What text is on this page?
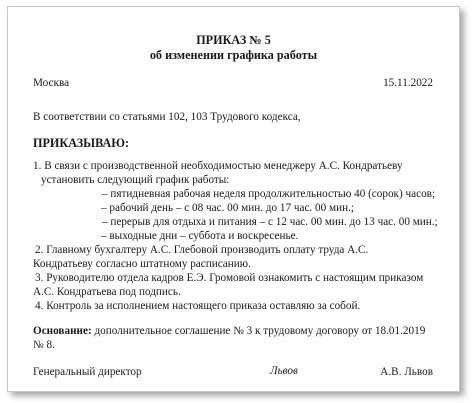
ПРИКАЗ № 5
об изменении графика работы
Москва	15.11.2022
В соответствии со статьями 102, 103 Трудового кодекса,
ПРИКАЗЫВАЮ:
1. В связи с производственной необходимостью менеджеру А.С. Кондратьеву
установить следующий график работы:
– пятидневная рабочая неделя продолжительностью 40 (сорок) часов;
– рабочий день – с 08 час. 00 мин. до 17 час. 00 мин.;
– перерыв для отдыха и питания – с 12 час. 00 мин. до 13 час. 00 мин.;
– выходные дни – суббота и воскресенье.
2. Главному бухгалтеру А.С. Глебовой производить оплату труда А.С.
Кондратьеву согласно штатному расписанию.
3. Руководителю отдела кадров Е.Э. Громовой ознакомить с настоящим приказом
А.С. Кондратьева под подпись.
4. Контроль за исполнением настоящего приказа оставляю за собой.
Основание: дополнительное соглашение № 3 к трудовому договору от 18.01.2019
№ 8.
Генеральный директор	Львов	А.В. Львов
